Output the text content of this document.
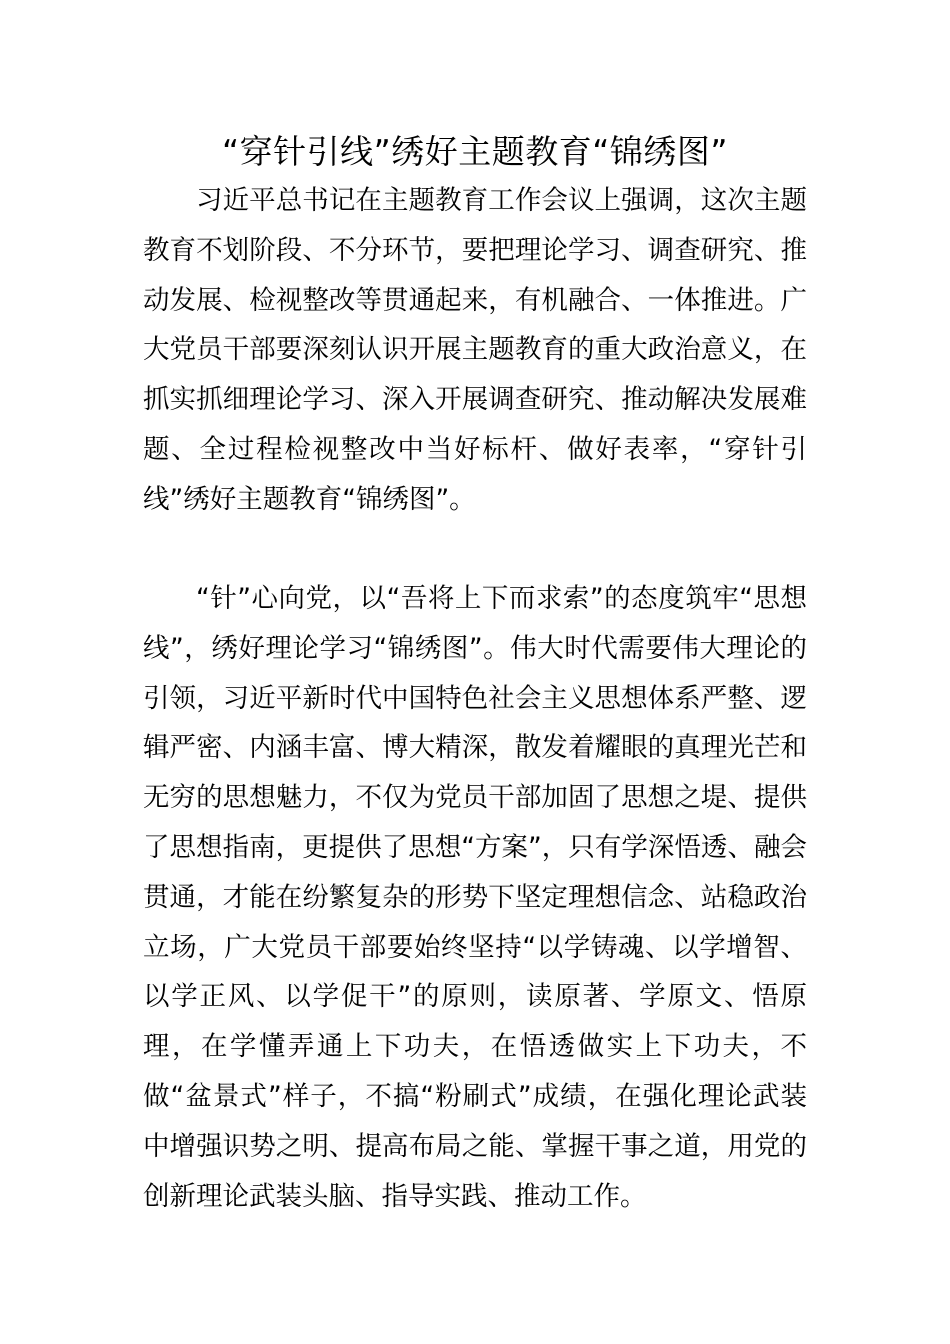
“穿针引线”绣好主题教育“锦绣图”

习近平总书记在主题教育工作会议上强调，这次主题教育不划阶段、不分环节，要把理论学习、调查研究、推动发展、检视整改等贯通起来，有机融合、一体推进。广大党员干部要深刻认识开展主题教育的重大政治意义，在抓实抓细理论学习、深入开展调查研究、推动解决发展难题、全过程检视整改中当好标杆、做好表率，“穿针引线”绣好主题教育“锦绣图”。

“针”心向党，以“吾将上下而求索”的态度筑牢“思想线”，绣好理论学习“锦绣图”。伟大时代需要伟大理论的引领，习近平新时代中国特色社会主义思想体系严整、逻辑严密、内涵丰富、博大精深，散发着耀眼的真理光芒和无穷的思想魅力，不仅为党员干部加固了思想之堤、提供了思想指南，更提供了思想“方案”，只有学深悟透、融会贯通，才能在纷繁复杂的形势下坚定理想信念、站稳政治立场，广大党员干部要始终坚持“以学铸魂、以学增智、以学正风、以学促干”的原则，读原著、学原文、悟原理，在学懂弄通上下功夫，在悟透做实上下功夫，不做“盆景式”样子，不搞“粉刷式”成绩，在强化理论武装中增强识势之明、提高布局之能、掌握干事之道，用党的创新理论武装头脑、指导实践、推动工作。
